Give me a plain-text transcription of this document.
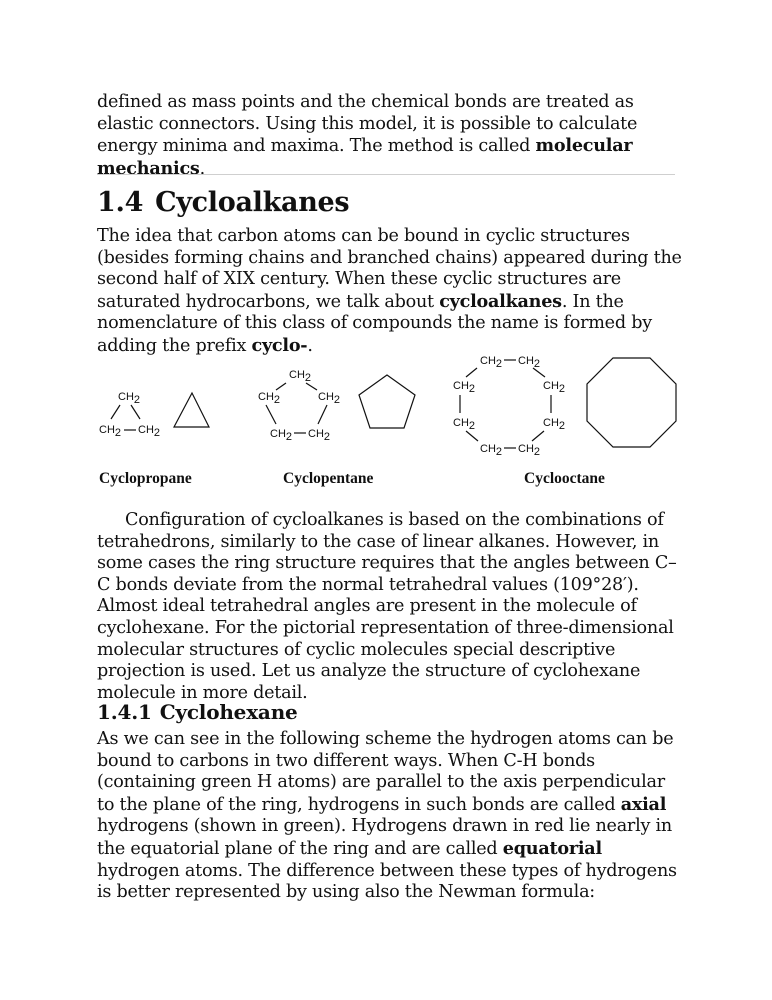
defined as mass points and the chemical bonds are treated as elastic connectors. Using this model, it is possible to calculate energy minima and maxima. The method is called molecular mechanics.

1.4 Cycloalkanes

The idea that carbon atoms can be bound in cyclic structures (besides forming chains and branched chains) appeared during the second half of XIX century. When these cyclic structures are saturated hydrocarbons, we talk about cycloalkanes. In the nomenclature of this class of compounds the name is formed by adding the prefix cyclo-.

CH2
CH2 CH2
CH2
CH2	CH2
CH2 CH2
CH2 CH2
CH2	CH2
CH2	CH2
CH2 CH2
Cyclopropane	Cyclopentane	Cyclooctane

Configuration of cycloalkanes is based on the combinations of tetrahedrons, similarly to the case of linear alkanes. However, in some cases the ring structure requires that the angles between C–C bonds deviate from the normal tetrahedral values (109°28′). Almost ideal tetrahedral angles are present in the molecule of cyclohexane. For the pictorial representation of three-dimensional molecular structures of cyclic molecules special descriptive projection is used. Let us analyze the structure of cyclohexane molecule in more detail.

1.4.1 Cyclohexane

As we can see in the following scheme the hydrogen atoms can be bound to carbons in two different ways. When C-H bonds (containing green H atoms) are parallel to the axis perpendicular to the plane of the ring, hydrogens in such bonds are called axial hydrogens (shown in green). Hydrogens drawn in red lie nearly in the equatorial plane of the ring and are called equatorial hydrogen atoms. The difference between these types of hydrogens is better represented by using also the Newman formula:
